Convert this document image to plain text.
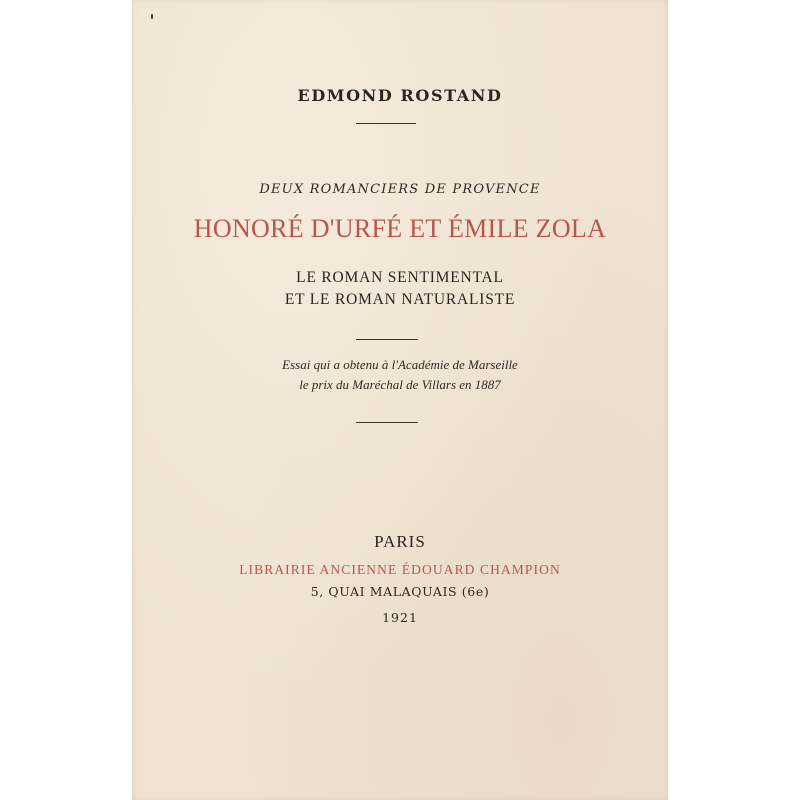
EDMOND ROSTAND
DEUX ROMANCIERS DE PROVENCE
HONORÉ D'URFÉ ET ÉMILE ZOLA
LE ROMAN SENTIMENTAL
ET LE ROMAN NATURALISTE
Essai qui a obtenu à l'Académie de Marseille
le prix du Maréchal de Villars en 1887
PARIS
LIBRAIRIE ANCIENNE ÉDOUARD CHAMPION
5, QUAI MALAQUAIS (6e)
1921
